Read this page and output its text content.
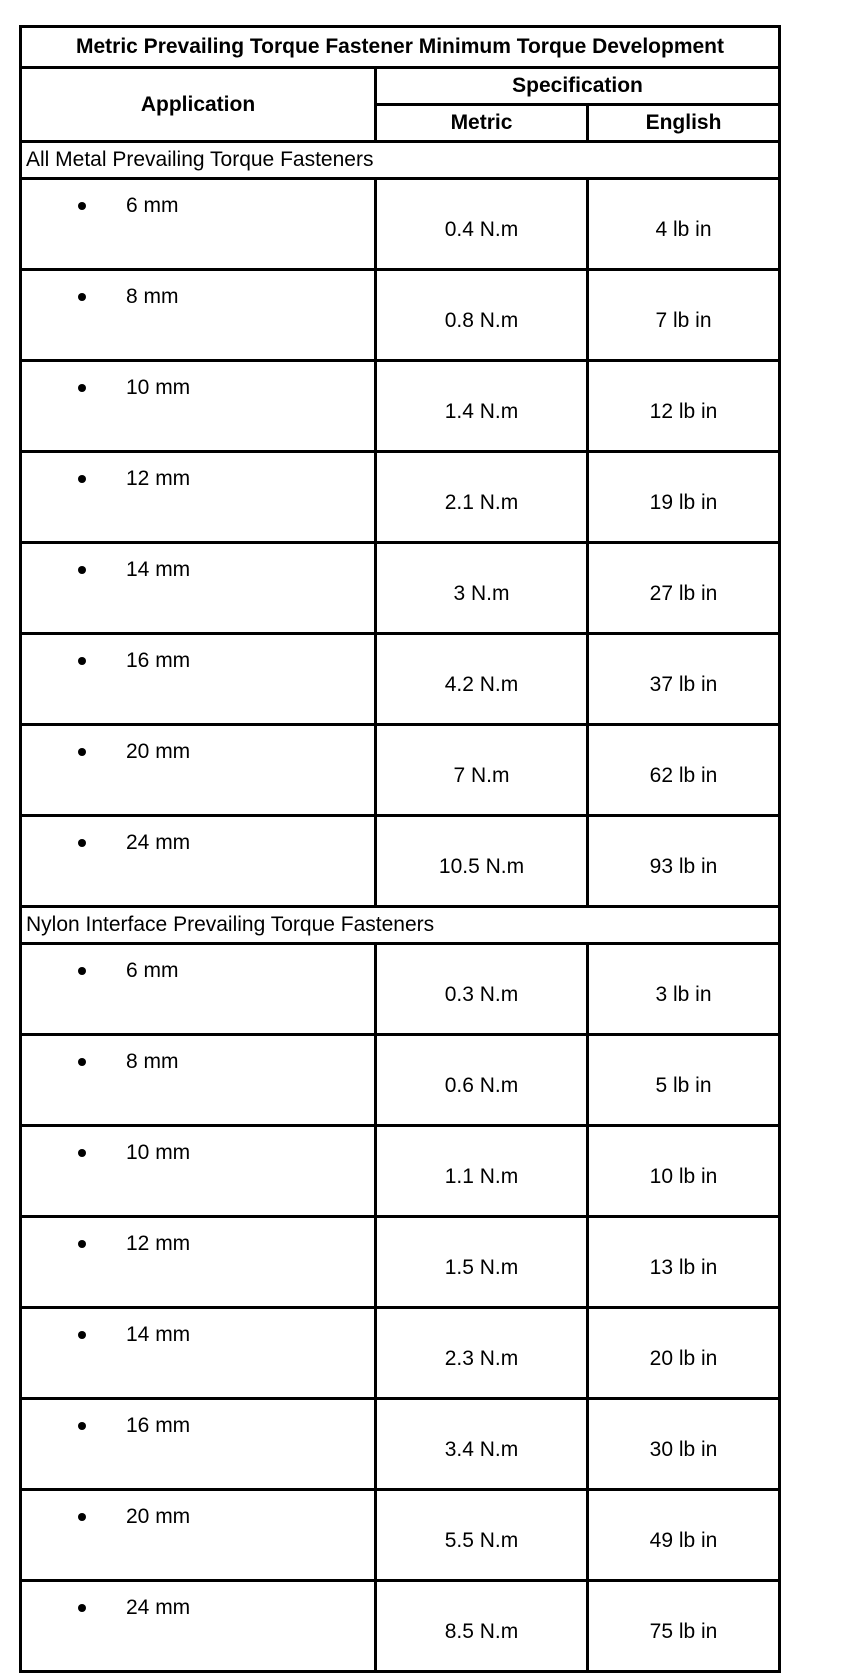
Metric Prevailing Torque Fastener Minimum Torque Development		
Application	Specification	
	Metric	English
All Metal Prevailing Torque Fasteners		

6 mm	0.4 N.m	4 lb in

8 mm	0.8 N.m	7 lb in

10 mm	1.4 N.m	12 lb in

12 mm	2.1 N.m	19 lb in

14 mm	3 N.m	27 lb in

16 mm	4.2 N.m	37 lb in

20 mm	7 N.m	62 lb in

24 mm	10.5 N.m	93 lb in
Nylon Interface Prevailing Torque Fasteners		

6 mm	0.3 N.m	3 lb in

8 mm	0.6 N.m	5 lb in

10 mm	1.1 N.m	10 lb in

12 mm	1.5 N.m	13 lb in

14 mm	2.3 N.m	20 lb in

16 mm	3.4 N.m	30 lb in

20 mm	5.5 N.m	49 lb in

24 mm	8.5 N.m	75 lb in
